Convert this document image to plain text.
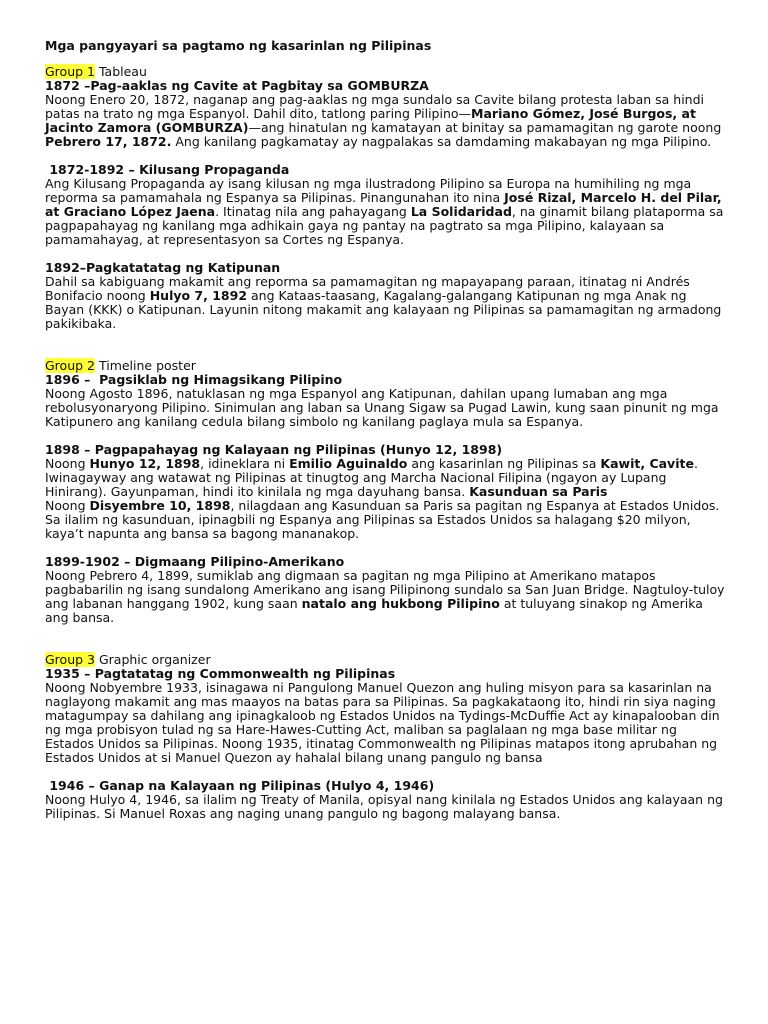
Mga pangyayari sa pagtamo ng kasarinlan ng Pilipinas

Group 1 Tableau

1872 –Pag-aaklas ng Cavite at Pagbitay sa GOMBURZA

Noong Enero 20, 1872, naganap ang pag-aaklas ng mga sundalo sa Cavite bilang protesta laban sa hindi patas na trato ng mga Espanyol. Dahil dito, tatlong paring Pilipino—Mariano Gómez, José Burgos, at Jacinto Zamora (GOMBURZA)—ang hinatulan ng kamatayan at binitay sa pamamagitan ng garote noong Pebrero 17, 1872. Ang kanilang pagkamatay ay nagpalakas sa damdaming makabayan ng mga Pilipino.

1872-1892 – Kilusang Propaganda

Ang Kilusang Propaganda ay isang kilusan ng mga ilustradong Pilipino sa Europa na humihiling ng mga reporma sa pamamahala ng Espanya sa Pilipinas. Pinangunahan ito nina José Rizal, Marcelo H. del Pilar, at Graciano López Jaena. Itinatag nila ang pahayagang La Solidaridad, na ginamit bilang plataporma sa pagpapahayag ng kanilang mga adhikain gaya ng pantay na pagtrato sa mga Pilipino, kalayaan sa pamamahayag, at representasyon sa Cortes ng Espanya.

1892–Pagkatatatag ng Katipunan

Dahil sa kabiguang makamit ang reporma sa pamamagitan ng mapayapang paraan, itinatag ni Andrés Bonifacio noong Hulyo 7, 1892 ang Kataas-taasang, Kagalang-galangang Katipunan ng mga Anak ng Bayan (KKK) o Katipunan. Layunin nitong makamit ang kalayaan ng Pilipinas sa pamamagitan ng armadong pakikibaka.

Group 2 Timeline poster

1896 –  Pagsiklab ng Himagsikang Pilipino

Noong Agosto 1896, natuklasan ng mga Espanyol ang Katipunan, dahilan upang lumaban ang mga rebolusyonaryong Pilipino. Sinimulan ang laban sa Unang Sigaw sa Pugad Lawin, kung saan pinunit ng mga Katipunero ang kanilang cedula bilang simbolo ng kanilang paglaya mula sa Espanya.

1898 – Pagpapahayag ng Kalayaan ng Pilipinas (Hunyo 12, 1898)

Noong Hunyo 12, 1898, idineklara ni Emilio Aguinaldo ang kasarinlan ng Pilipinas sa Kawit, Cavite. Iwinagayway ang watawat ng Pilipinas at tinugtog ang Marcha Nacional Filipina (ngayon ay Lupang Hinirang). Gayunpaman, hindi ito kinilala ng mga dayuhang bansa. Kasunduan sa Paris
Noong Disyembre 10, 1898, nilagdaan ang Kasunduan sa Paris sa pagitan ng Espanya at Estados Unidos. Sa ilalim ng kasunduan, ipinagbili ng Espanya ang Pilipinas sa Estados Unidos sa halagang $20 milyon, kaya’t napunta ang bansa sa bagong mananakop.

1899-1902 – Digmaang Pilipino-Amerikano

Noong Pebrero 4, 1899, sumiklab ang digmaan sa pagitan ng mga Pilipino at Amerikano matapos pagbabarilin ng isang sundalong Amerikano ang isang Pilipinong sundalo sa San Juan Bridge. Nagtuloy-tuloy ang labanan hanggang 1902, kung saan natalo ang hukbong Pilipino at tuluyang sinakop ng Amerika ang bansa.

Group 3 Graphic organizer

1935 – Pagtatatag ng Commonwealth ng Pilipinas

Noong Nobyembre 1933, isinagawa ni Pangulong Manuel Quezon ang huling misyon para sa kasarinlan na naglayong makamit ang mas maayos na batas para sa Pilipinas. Sa pagkakataong ito, hindi rin siya naging matagumpay sa dahilang ang ipinagkaloob ng Estados Unidos na Tydings-McDuffie Act ay kinapalooban din ng mga probisyon tulad ng sa Hare-Hawes-Cutting Act, maliban sa paglalaan ng mga base militar ng Estados Unidos sa Pilipinas. Noong 1935, itinatag Commonwealth ng Pilipinas matapos itong aprubahan ng Estados Unidos at si Manuel Quezon ay hahalal bilang unang pangulo ng bansa

1946 – Ganap na Kalayaan ng Pilipinas (Hulyo 4, 1946)

Noong Hulyo 4, 1946, sa ilalim ng Treaty of Manila, opisyal nang kinilala ng Estados Unidos ang kalayaan ng Pilipinas. Si Manuel Roxas ang naging unang pangulo ng bagong malayang bansa.
